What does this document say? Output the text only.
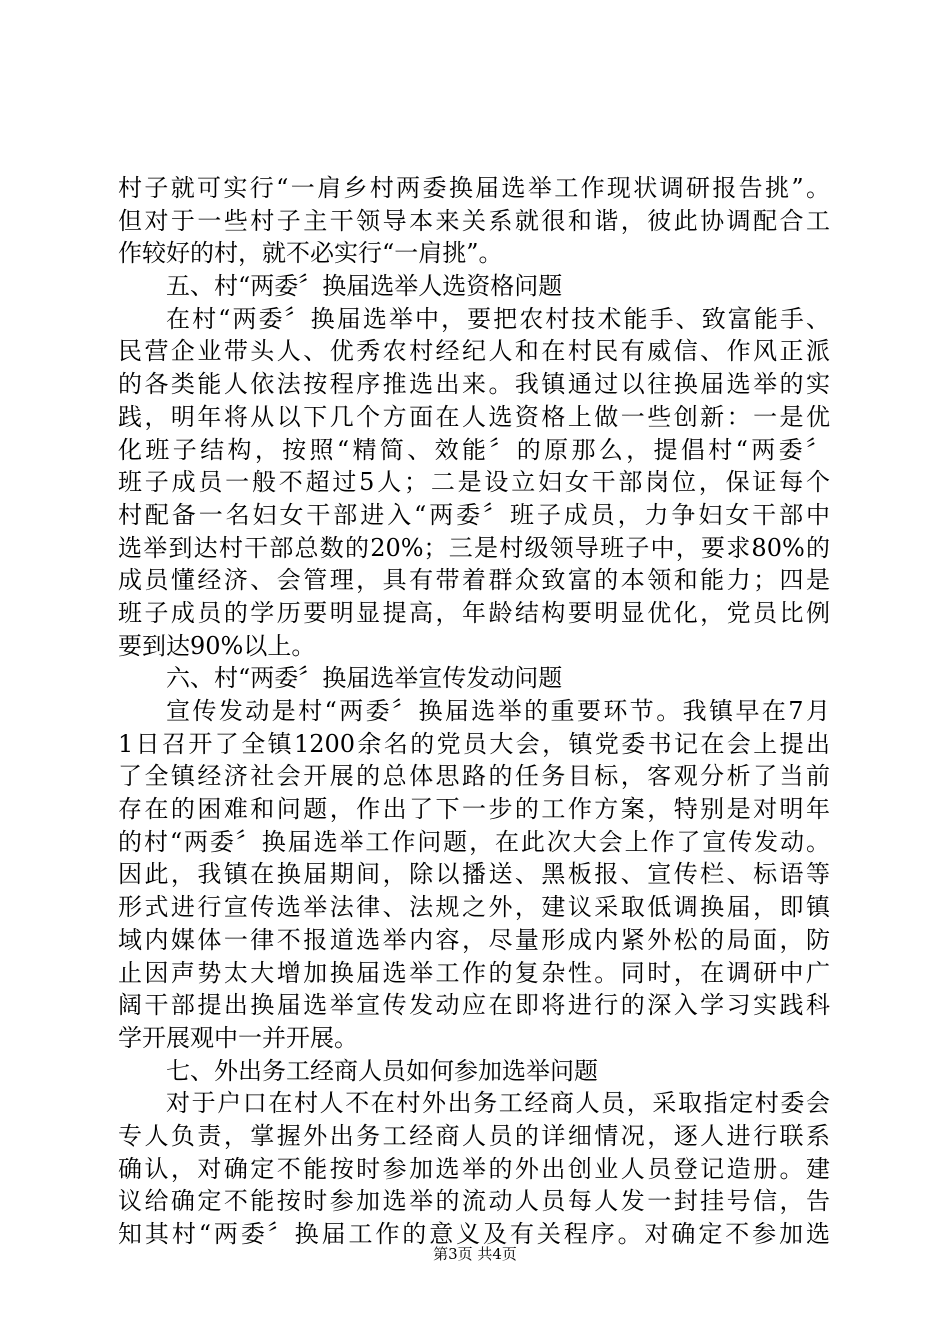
村子就可实行“一肩乡村两委换届选举工作现状调研报告挑”。
但对于一些村子主干领导本来关系就很和谐，彼此协调配合工
作较好的村，就不必实行“一肩挑”。
五、村“两委〞换届选举人选资格问题
在村“两委〞换届选举中，要把农村技术能手、致富能手、
民营企业带头人、优秀农村经纪人和在村民有威信、作风正派
的各类能人依法按程序推选出来。我镇通过以往换届选举的实
践，明年将从以下几个方面在人选资格上做一些创新：一是优
化班子结构，按照“精简、效能〞的原那么，提倡村“两委〞
班子成员一般不超过5人；二是设立妇女干部岗位，保证每个
村配备一名妇女干部进入“两委〞班子成员，力争妇女干部中
选举到达村干部总数的20%；三是村级领导班子中，要求80%的
成员懂经济、会管理，具有带着群众致富的本领和能力；四是
班子成员的学历要明显提高，年龄结构要明显优化，党员比例
要到达90%以上。
六、村“两委〞换届选举宣传发动问题
宣传发动是村“两委〞换届选举的重要环节。我镇早在7月
1日召开了全镇1200余名的党员大会，镇党委书记在会上提出
了全镇经济社会开展的总体思路的任务目标，客观分析了当前
存在的困难和问题，作出了下一步的工作方案，特别是对明年
的村“两委〞换届选举工作问题，在此次大会上作了宣传发动。
因此，我镇在换届期间，除以播送、黑板报、宣传栏、标语等
形式进行宣传选举法律、法规之外，建议采取低调换届，即镇
域内媒体一律不报道选举内容，尽量形成内紧外松的局面，防
止因声势太大增加换届选举工作的复杂性。同时，在调研中广
阔干部提出换届选举宣传发动应在即将进行的深入学习实践科
学开展观中一并开展。
七、外出务工经商人员如何参加选举问题
对于户口在村人不在村外出务工经商人员，采取指定村委会
专人负责，掌握外出务工经商人员的详细情况，逐人进行联系
确认，对确定不能按时参加选举的外出创业人员登记造册。建
议给确定不能按时参加选举的流动人员每人发一封挂号信，告
知其村“两委〞换届工作的意义及有关程序。对确定不参加选
第3页 共4页
